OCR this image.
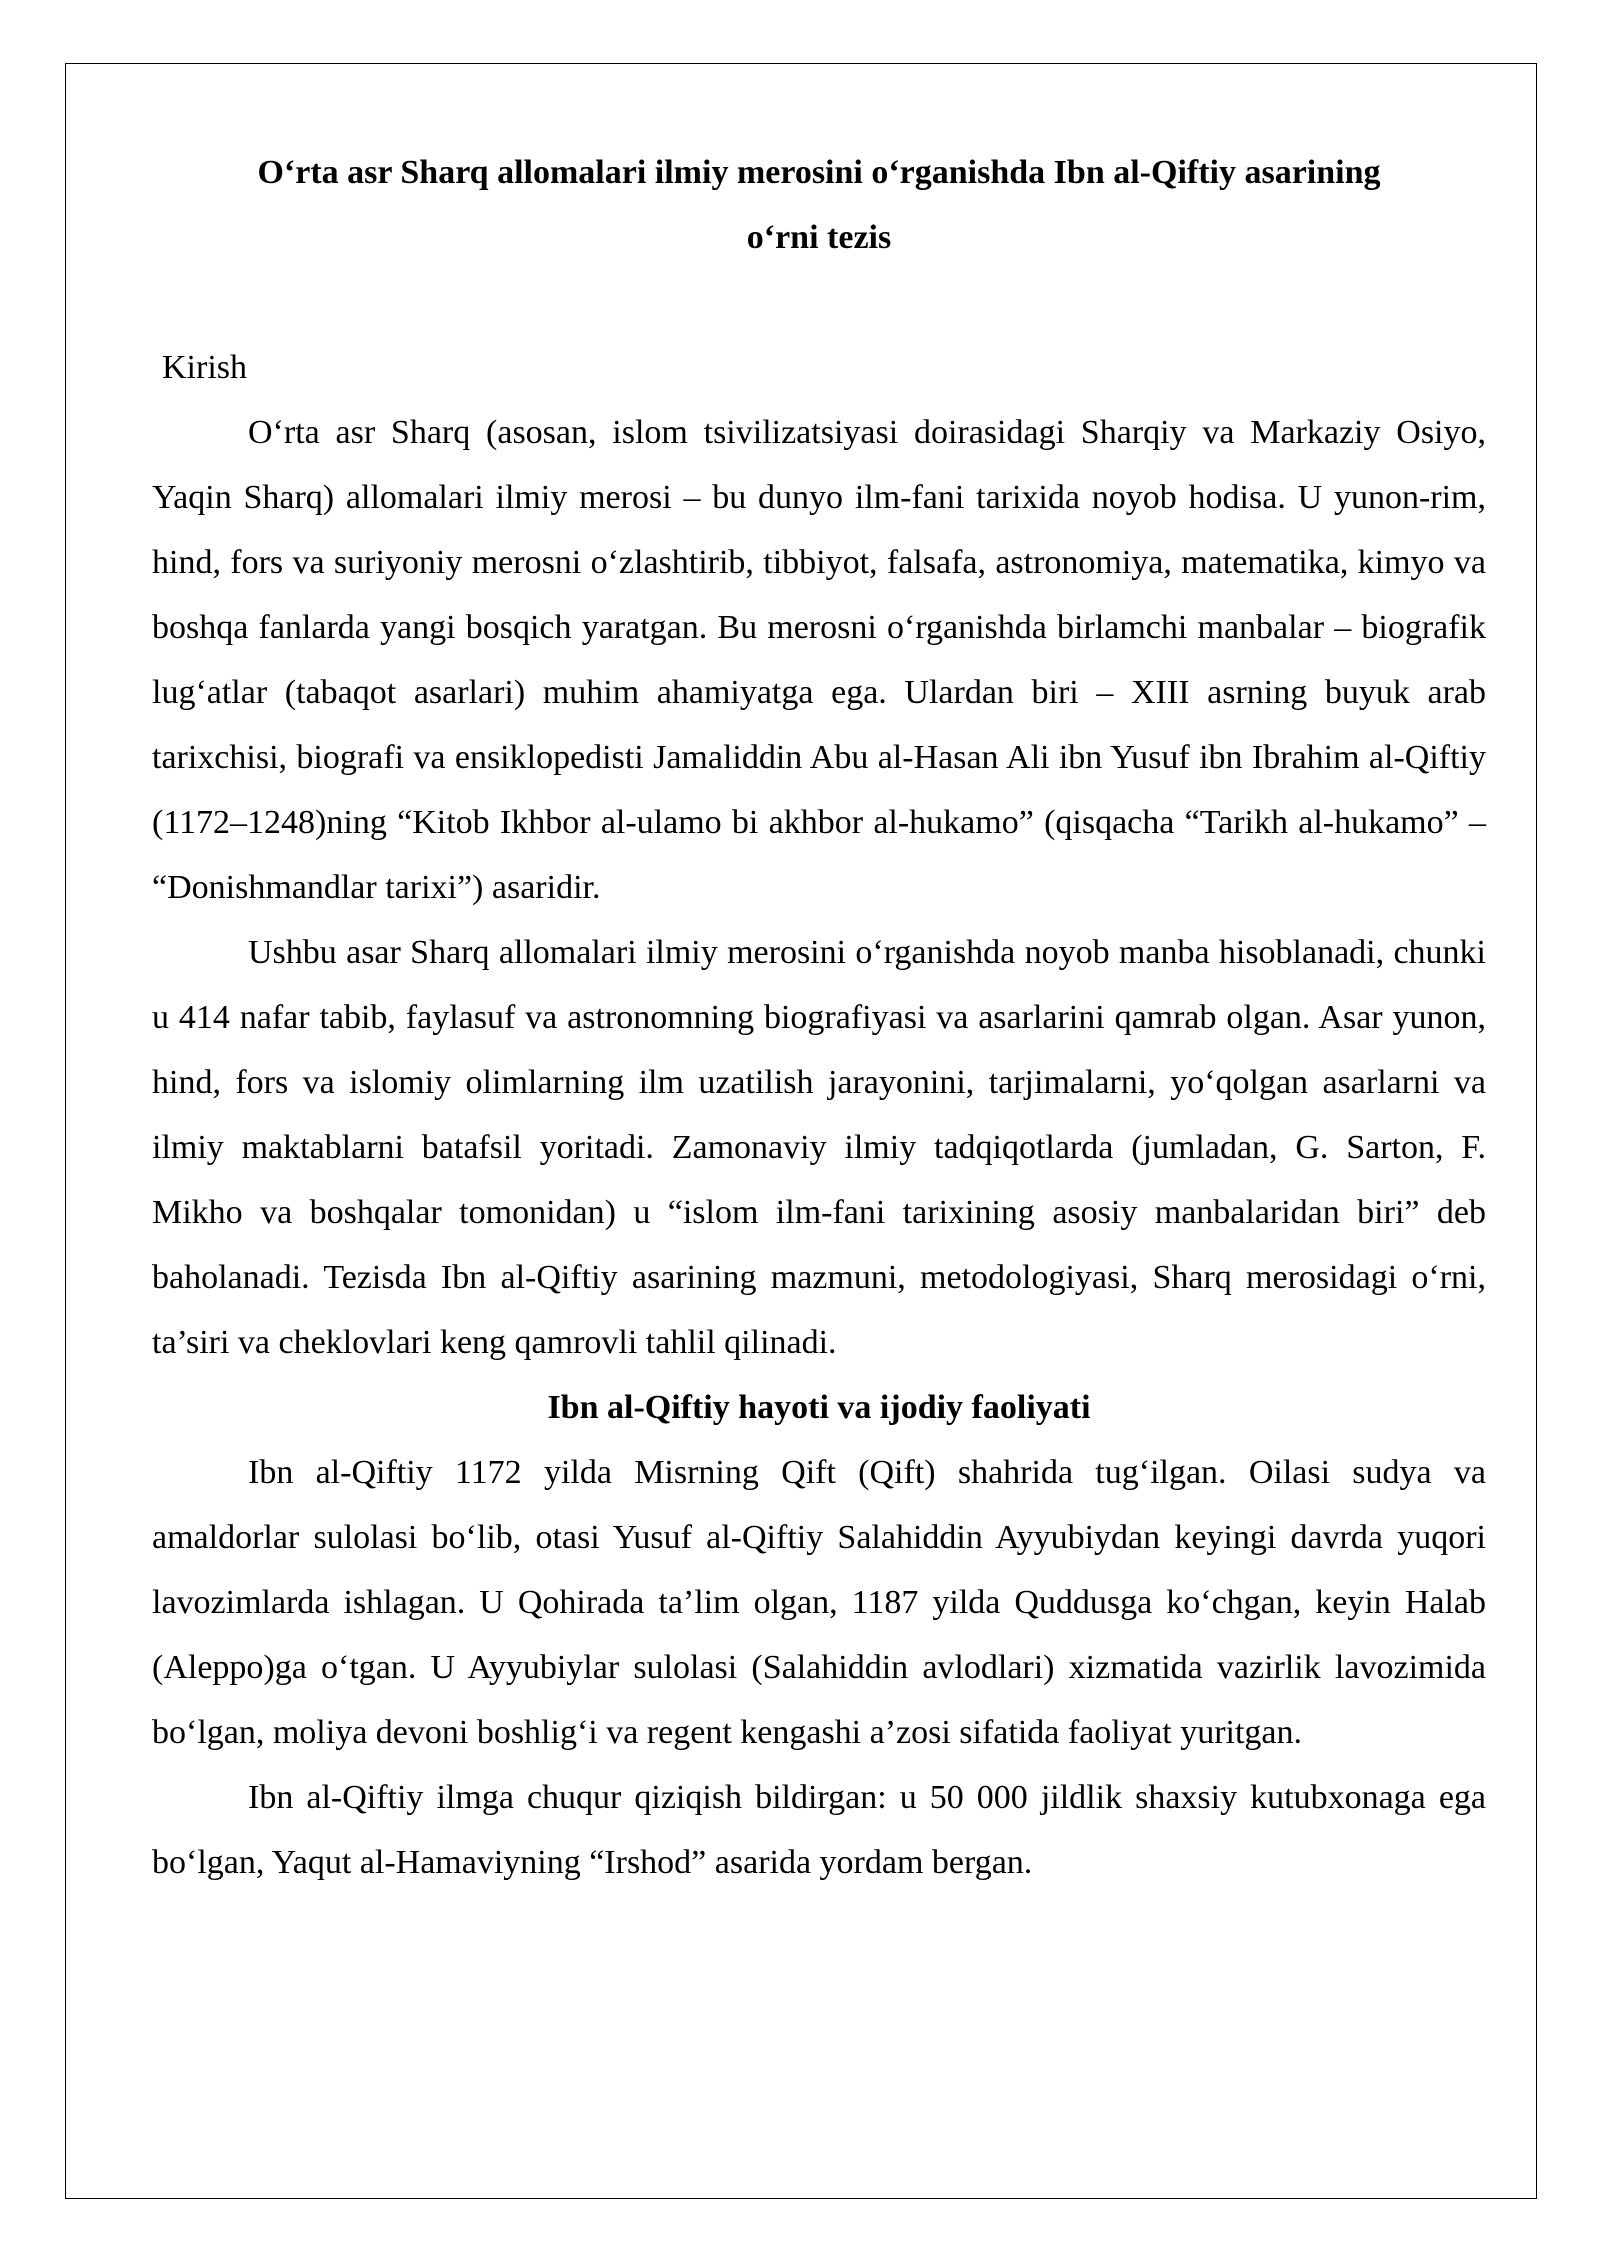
O‘rta asr Sharq allomalari ilmiy merosini o‘rganishda Ibn al-Qiftiy asarining
o‘rni tezis

Kirish

O‘rta asr Sharq (asosan, islom tsivilizatsiyasi doirasidagi Sharqiy va Markaziy Osiyo, Yaqin Sharq) allomalari ilmiy merosi – bu dunyo ilm-fani tarixida noyob hodisa. U yunon-rim, hind, fors va suriyoniy merosni o‘zlashtirib, tibbiyot, falsafa, astronomiya, matematika, kimyo va boshqa fanlarda yangi bosqich yaratgan. Bu merosni o‘rganishda birlamchi manbalar – biografik lug‘atlar (tabaqot asarlari) muhim ahamiyatga ega. Ulardan biri – XIII asrning buyuk arab tarixchisi, biografi va ensiklopedisti Jamaliddin Abu al-Hasan Ali ibn Yusuf ibn Ibrahim al-Qiftiy (1172–1248)ning “Kitob Ikhbor al-ulamo bi akhbor al-hukamo” (qisqacha “Tarikh al-hukamo” – “Donishmandlar tarixi”) asaridir.

Ushbu asar Sharq allomalari ilmiy merosini o‘rganishda noyob manba hisoblanadi, chunki u 414 nafar tabib, faylasuf va astronomning biografiyasi va asarlarini qamrab olgan. Asar yunon, hind, fors va islomiy olimlarning ilm uzatilish jarayonini, tarjimalarni, yo‘qolgan asarlarni va ilmiy maktablarni batafsil yoritadi. Zamonaviy ilmiy tadqiqotlarda (jumladan, G. Sarton, F. Mikho va boshqalar tomonidan) u “islom ilm-fani tarixining asosiy manbalaridan biri” deb baholanadi. Tezisda Ibn al-Qiftiy asarining mazmuni, metodologiyasi, Sharq merosidagi o‘rni, ta’siri va cheklovlari keng qamrovli tahlil qilinadi.

Ibn al-Qiftiy hayoti va ijodiy faoliyati

Ibn al-Qiftiy 1172 yilda Misrning Qift (Qift) shahrida tug‘ilgan. Oilasi sudya va amaldorlar sulolasi bo‘lib, otasi Yusuf al-Qiftiy Salahiddin Ayyubiydan keyingi davrda yuqori lavozimlarda ishlagan. U Qohirada ta’lim olgan, 1187 yilda Quddusga ko‘chgan, keyin Halab (Aleppo)ga o‘tgan. U Ayyubiylar sulolasi (Salahiddin avlodlari) xizmatida vazirlik lavozimida bo‘lgan, moliya devoni boshlig‘i va regent kengashi a’zosi sifatida faoliyat yuritgan.

Ibn al-Qiftiy ilmga chuqur qiziqish bildirgan: u 50 000 jildlik shaxsiy kutubxonaga ega bo‘lgan, Yaqut al-Hamaviyning “Irshod” asarida yordam bergan.
